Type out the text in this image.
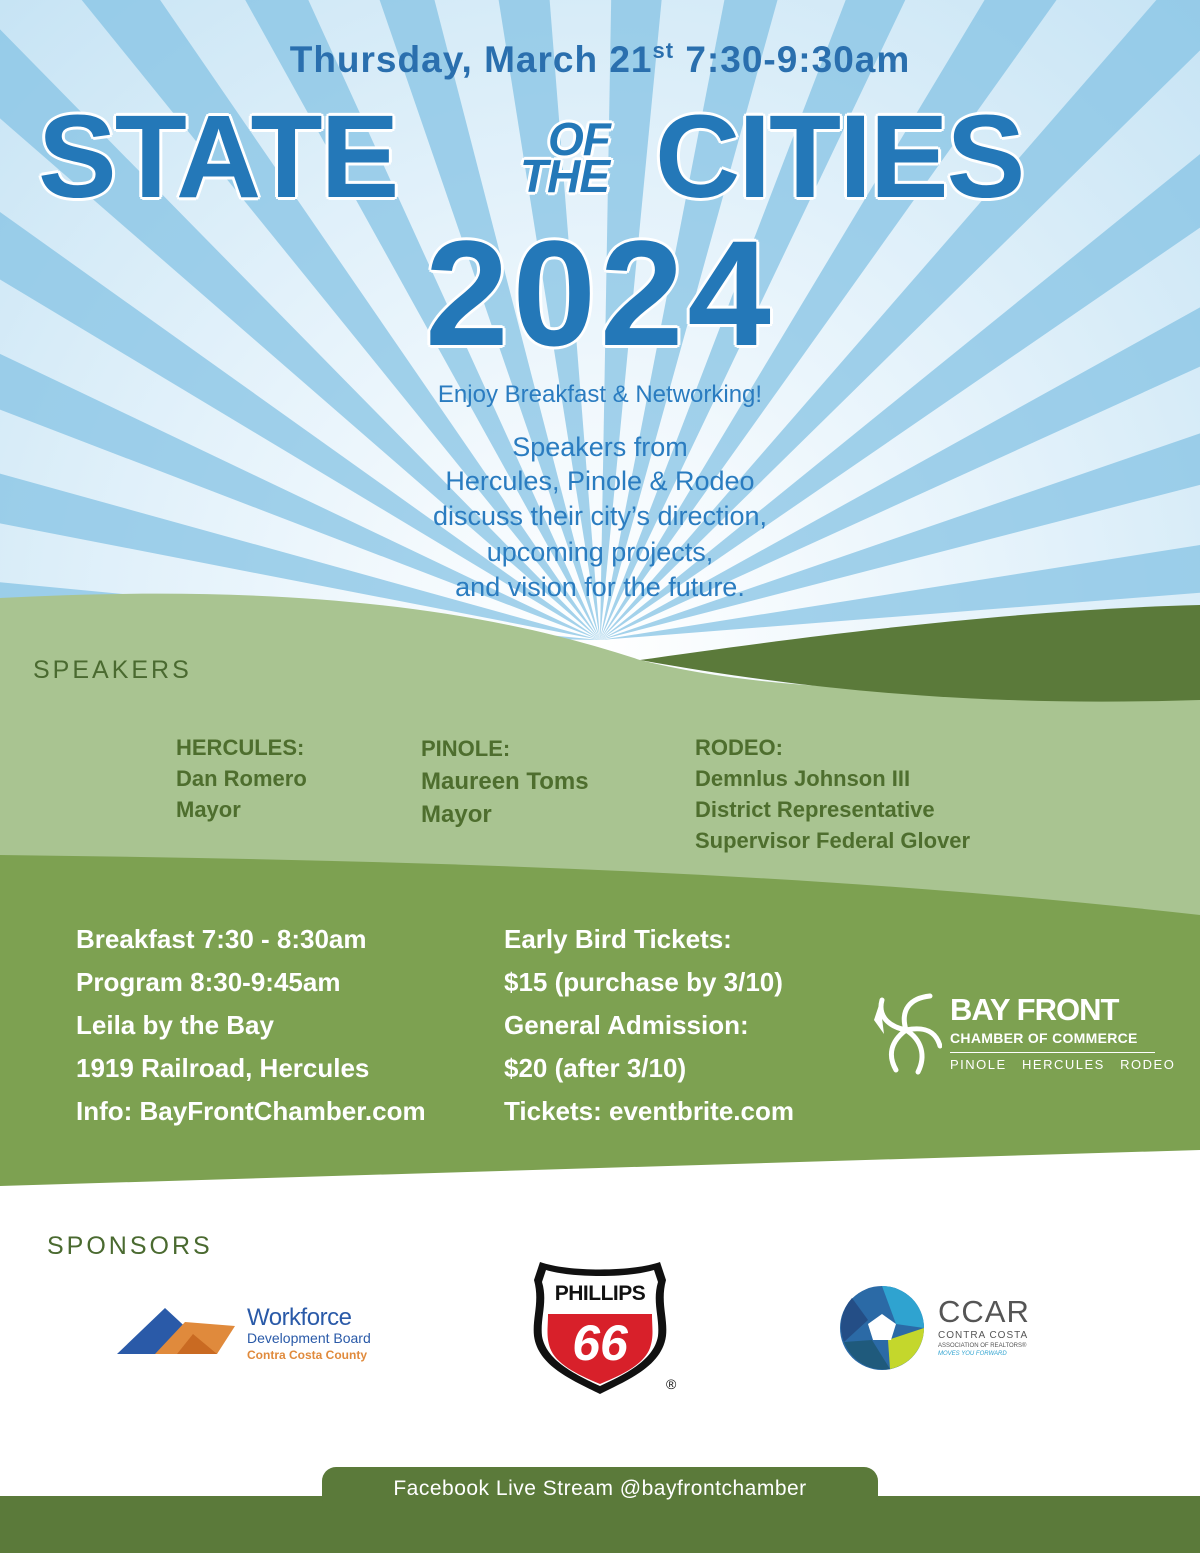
Thursday, March 21st 7:30-9:30am
STATE	OF
THE CITIES
2024
Enjoy Breakfast & Networking!
Speakers from
Hercules, Pinole & Rodeo
discuss their city’s direction,
upcoming projects,
and vision for the future.
SPEAKERS
HERCULES:
Dan Romero
Mayor
PINOLE:
Maureen Toms
Mayor
RODEO:
Demnlus Johnson III
District Representative
Supervisor Federal Glover
Breakfast 7:30 - 8:30am
Program 8:30-9:45am
Leila by the Bay
1919 Railroad, Hercules
Info: BayFrontChamber.com
Early Bird Tickets:
$15 (purchase by 3/10)
General Admission:
$20 (after 3/10)
Tickets: eventbrite.com
BAY FRONT
CHAMBER OF COMMERCE
PINOLE   HERCULES   RODEO
SPONSORS
Workforce
Development Board
Contra Costa County
PHILLIPS
66
®
CCAR
CONTRA COSTA
ASSOCIATION OF REALTORS®
MOVES YOU FORWARD
Facebook Live Stream @bayfrontchamber
